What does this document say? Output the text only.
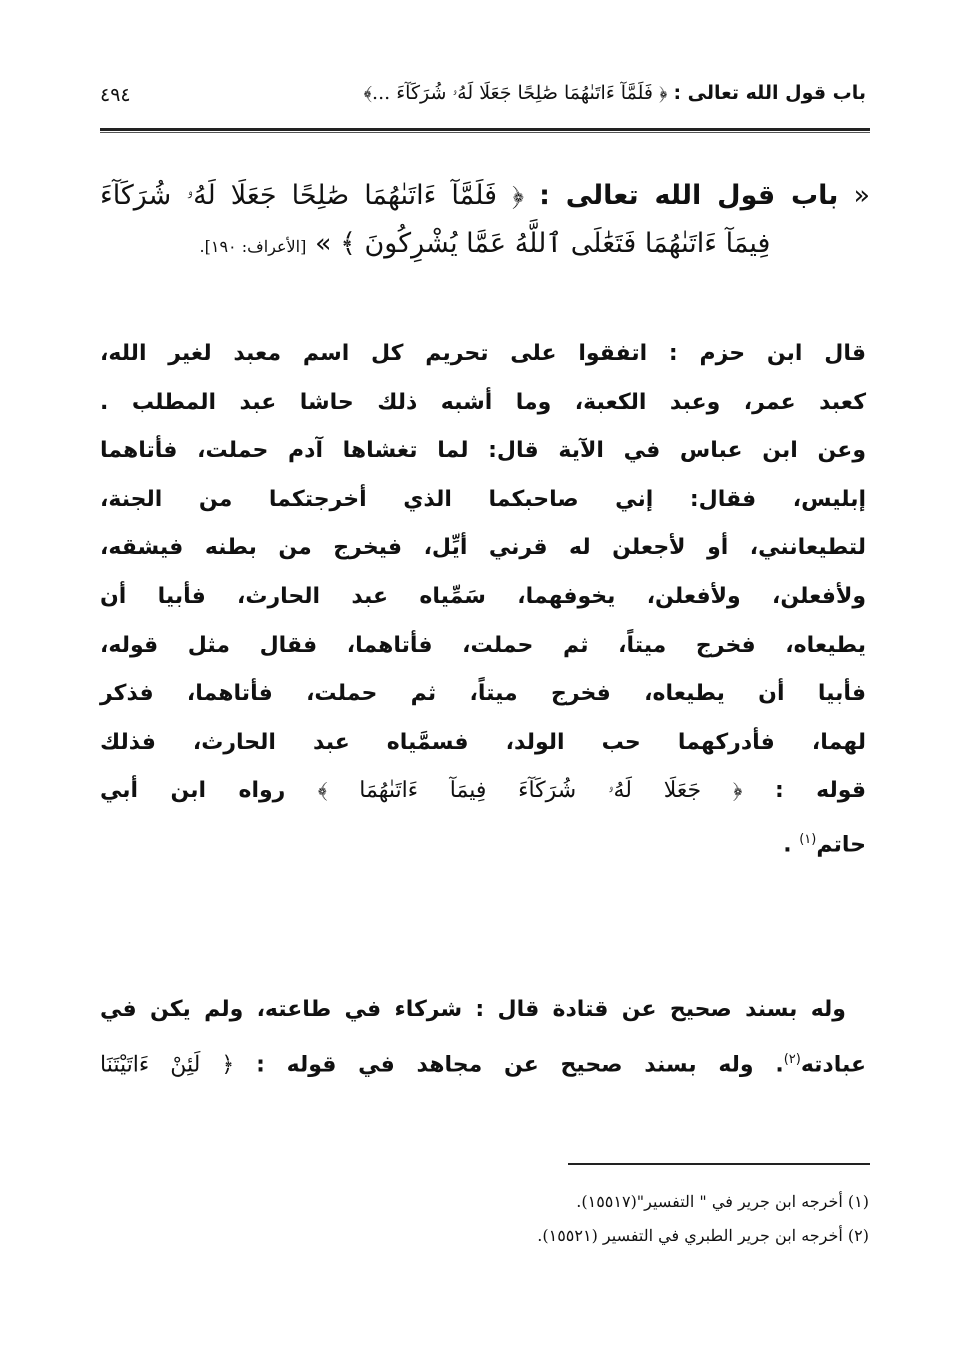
باب قول الله تعالى : ﴿ فَلَمَّآ ءَاتَىٰهُمَا صَٰلِحًا جَعَلَا لَهُۥ شُرَكَآءَ ...﴾
٤٩٤
« باب قول الله تعالى : ﴿ فَلَمَّآ ءَاتَىٰهُمَا صَٰلِحًا جَعَلَا لَهُۥ شُرَكَآءَ
فِيمَآ ءَاتَىٰهُمَا فَتَعَٰلَى ٱللَّهُ عَمَّا يُشْرِكُونَ ﴾ » [الأعراف: ١٩٠].
قال ابن حزم : اتفقوا على تحريم كل اسم معبد لغير الله،
كعبد عمر، وعبد الكعبة، وما أشبه ذلك حاشا عبد المطلب .
وعن ابن عباس في الآية قال: لما تغشاها آدم حملت، فأتاهما
إبليس، فقال: إني صاحبكما الذي أخرجتكما من الجنة،
لتطيعانني، أو لأجعلن له قرني أيِّل، فيخرج من بطنه فيشقه،
ولأفعلن، ولأفعلن، يخوفهما، سَمِّياه عبد الحارث، فأبيا أن
يطيعاه، فخرج ميتاً، ثم حملت، فأتاهما، فقال مثل قوله،
فأبيا أن يطيعاه، فخرج ميتاً، ثم حملت، فأتاهما، فذكر
لهما، فأدركهما حب الولد، فسمَّياه عبد الحارث، فذلك
قوله : ﴿ جَعَلَا لَهُۥ شُرَكَآءَ فِيمَآ ءَاتَىٰهُمَا ﴾ رواه ابن أبي
حاتم$^{(١)}$ .
وله بسند صحيح عن قتادة قال : شركاء في طاعته، ولم يكن في
عبادته$^{(٢)}$. وله بسند صحيح عن مجاهد في قوله : ﴿ لَئِنْ ءَاتَيْتَنَا
(١) أخرجه ابن جرير في " التفسير"(١٥٥١٧).
(٢) أخرجه ابن جرير الطبري في التفسير (١٥٥٢١).
